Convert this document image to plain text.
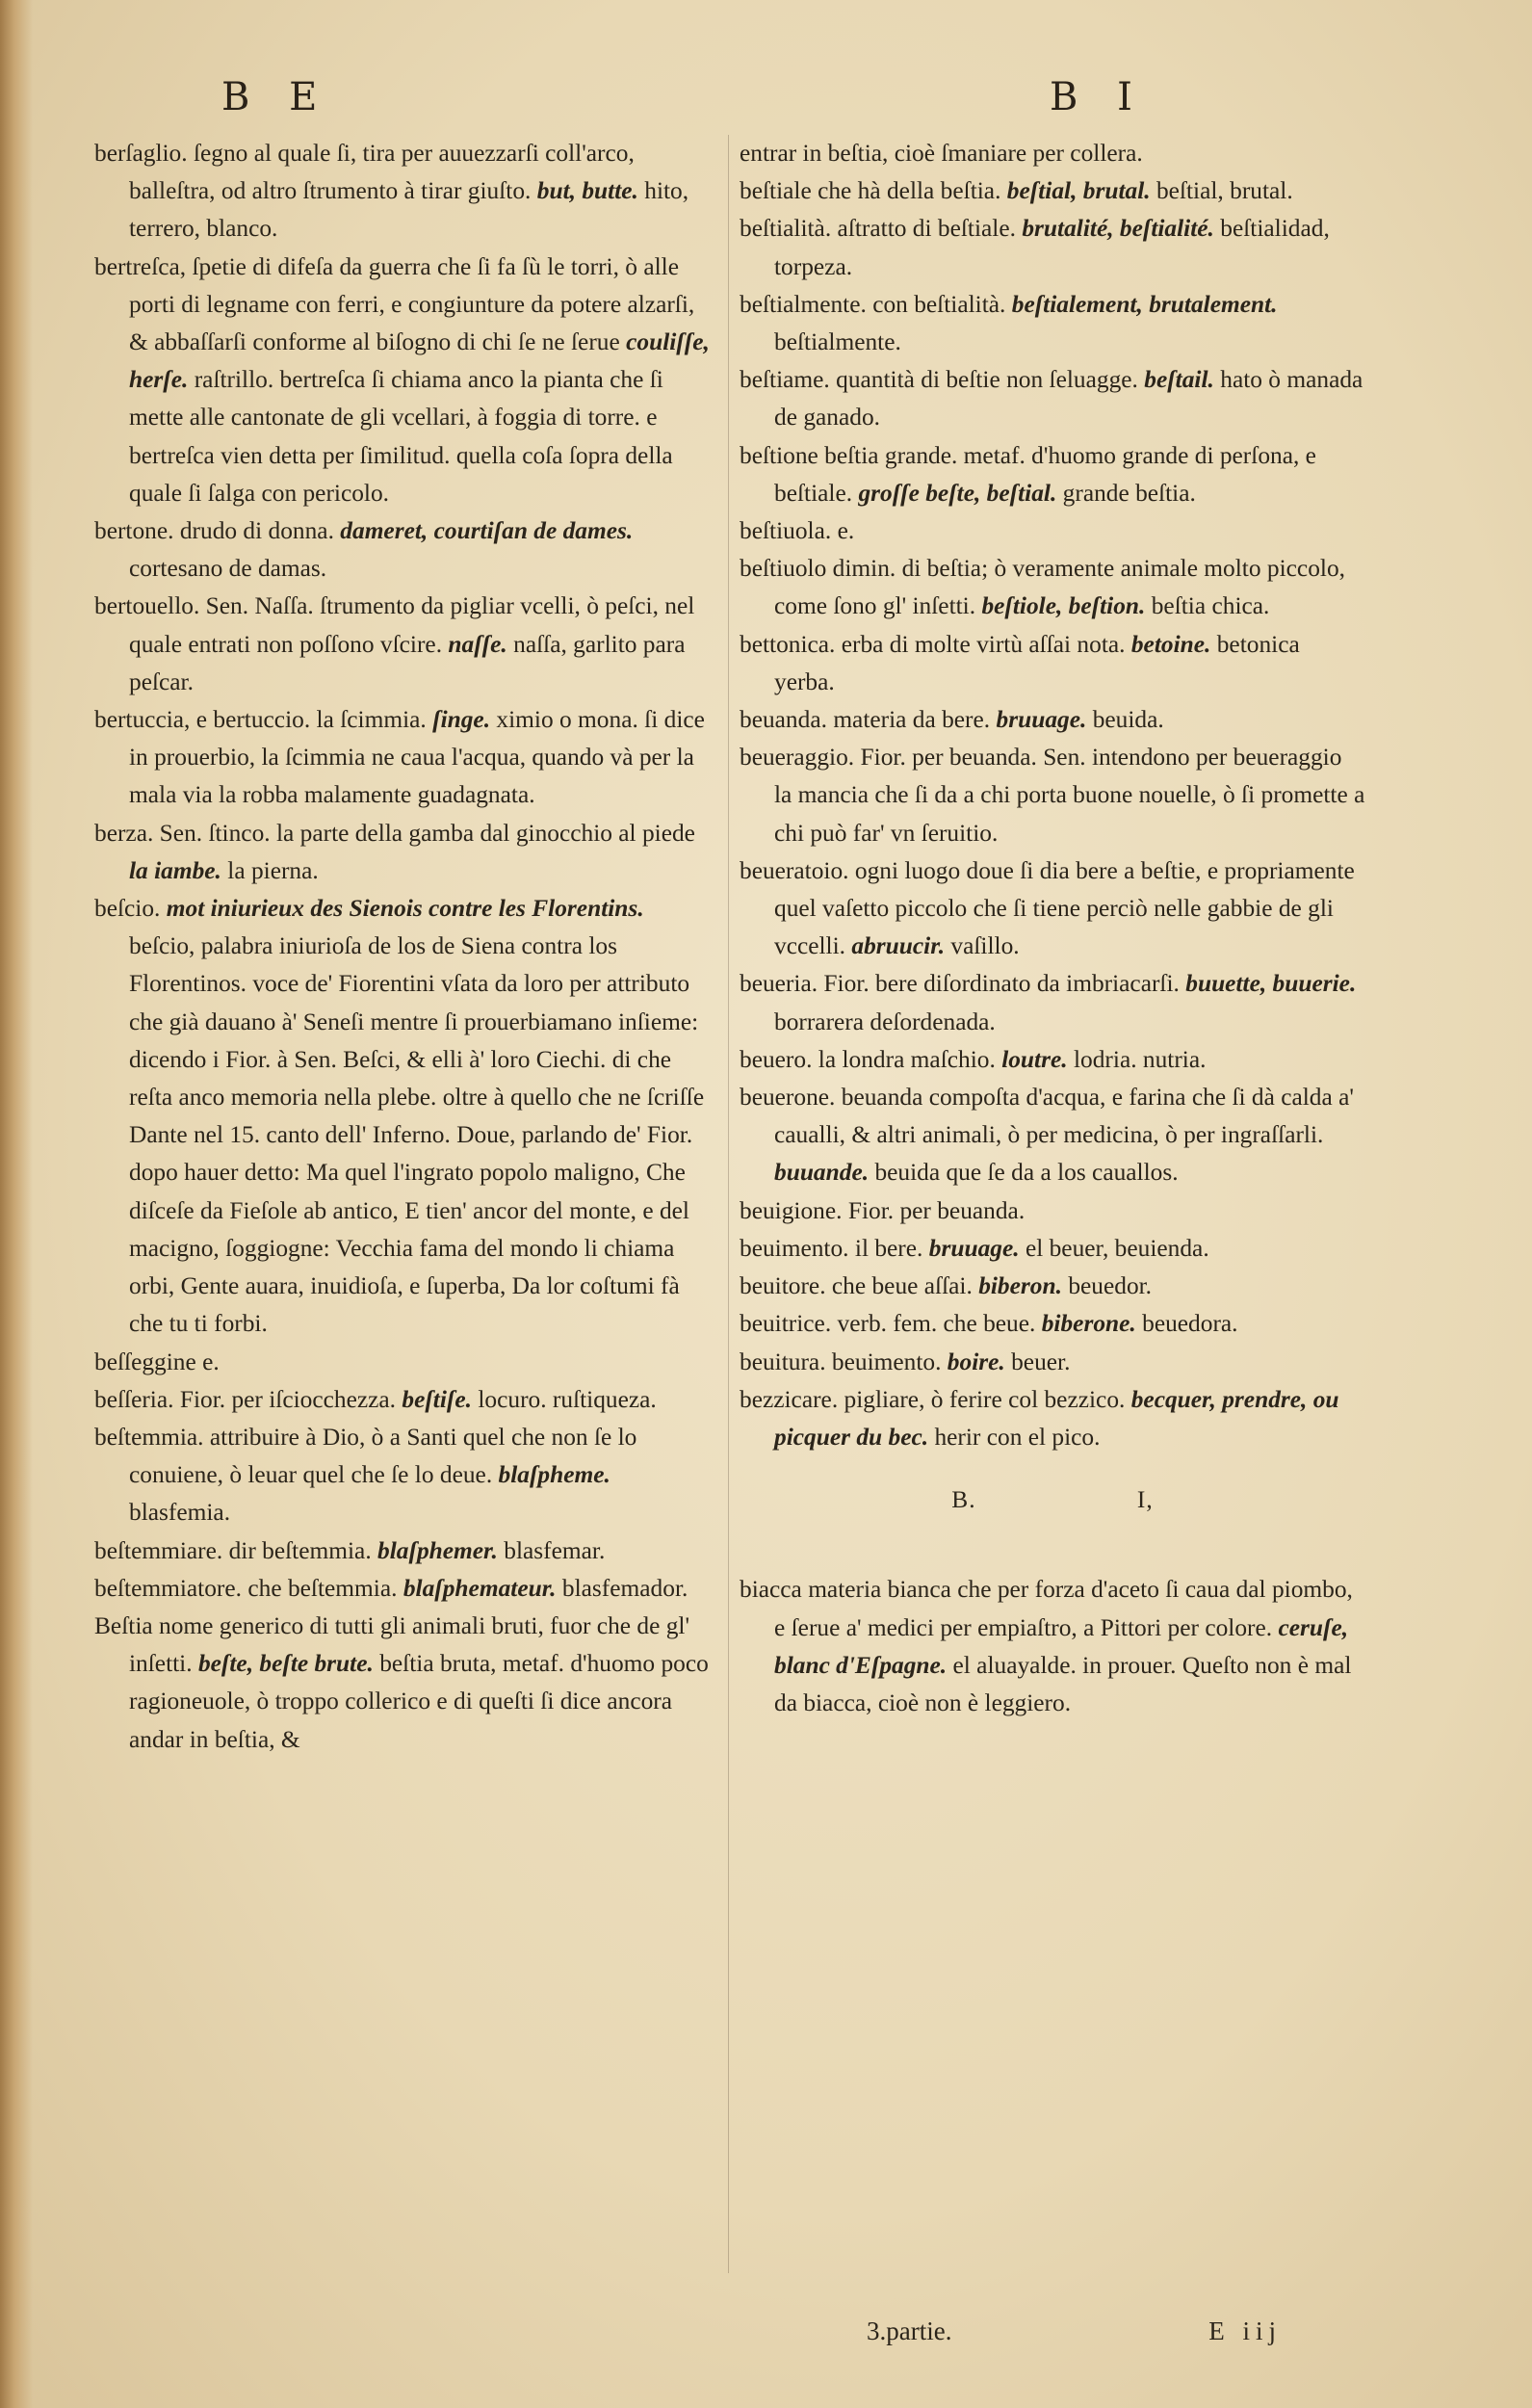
B E	B I

berſaglio. ſegno al quale ſi, tira per auuezzarſi coll'arco, balleſtra, od altro ſtrumento à tirar giuſto. but, butte. hito, terrero, blanco.

bertreſca, ſpetie di difeſa da guerra che ſi fa ſù le torri, ò alle porti di legname con ferri, e congiunture da potere alzarſi, & abbaſſarſi conforme al biſogno di chi ſe ne ſerue couliſſe, herſe. raſtrillo. bertreſca ſi chiama anco la pianta che ſi mette alle cantonate de gli vcellari, à foggia di torre. e bertreſca vien detta per ſimilitud. quella coſa ſopra della quale ſi ſalga con pericolo.

bertone. drudo di donna. dameret, courtiſan de dames. cortesano de damas.

bertouello. Sen. Naſſa. ſtrumento da pigliar vcelli, ò peſci, nel quale entrati non poſſono vſcire. naſſe. naſſa, garlito para peſcar.

bertuccia, e bertuccio. la ſcimmia. ſinge. ximio o mona. ſi dice in prouerbio, la ſcimmia ne caua l'acqua, quando và per la mala via la robba malamente guadagnata.

berza. Sen. ſtinco. la parte della gamba dal ginocchio al piede la iambe. la pierna.

beſcio. mot iniurieux des Sienois contre les Florentins. beſcio, palabra iniurioſa de los de Siena contra los Florentinos. voce de' Fiorentini vſata da loro per attributo che già dauano à' Seneſi mentre ſi prouerbiamano inſieme: dicendo i Fior. à Sen. Beſci, & elli à' loro Ciechi. di che reſta anco memoria nella plebe. oltre à quello che ne ſcriſſe Dante nel 15. canto dell' Inferno. Doue, parlando de' Fior. dopo hauer detto: Ma quel l'ingrato popolo maligno, Che diſceſe da Fieſole ab antico, E tien' ancor del monte, e del macigno, ſoggiogne: Vecchia fama del mondo li chiama orbi, Gente auara, inuidioſa, e ſuperba, Da lor coſtumi fà che tu ti forbi.

beſſeggine e.

beſſeria. Fior. per iſciocchezza. beſtiſe. locuro. ruſtiqueza.

beſtemmia. attribuire à Dio, ò a Santi quel che non ſe lo conuiene, ò leuar quel che ſe lo deue. blaſpheme. blasfemia.

beſtemmiare. dir beſtemmia. blaſphemer. blasfemar.

beſtemmiatore. che beſtemmia. blaſphemateur. blasfemador.

Beſtia nome generico di tutti gli animali bruti, fuor che de gl' inſetti. beſte, beſte brute. beſtia bruta, metaf. d'huomo poco ragioneuole, ò troppo collerico e di queſti ſi dice ancora andar in beſtia, &

entrar in beſtia, cioè ſmaniare per collera.

beſtiale che hà della beſtia. beſtial, brutal. beſtial, brutal.

beſtialità. aſtratto di beſtiale. brutalité, beſtialité. beſtialidad, torpeza.

beſtialmente. con beſtialità. beſtialement, brutalement. beſtialmente.

beſtiame. quantità di beſtie non ſeluagge. beſtail. hato ò manada de ganado.

beſtione beſtia grande. metaf. d'huomo grande di perſona, e beſtiale. groſſe beſte, beſtial. grande beſtia.

beſtiuola. e.

beſtiuolo dimin. di beſtia; ò veramente animale molto piccolo, come ſono gl' inſetti. beſtiole, beſtion. beſtia chica.

bettonica. erba di molte virtù aſſai nota. betoine. betonica yerba.

beuanda. materia da bere. bruuage. beuida.

beueraggio. Fior. per beuanda. Sen. intendono per beueraggio la mancia che ſi da a chi porta buone nouelle, ò ſi promette a chi può far' vn ſeruitio.

beueratoio. ogni luogo doue ſi dia bere a beſtie, e propriamente quel vaſetto piccolo che ſi tiene perciò nelle gabbie de gli vccelli. abruucir. vaſillo.

beueria. Fior. bere diſordinato da imbriacarſi. buuette, buuerie. borrarera deſordenada.

beuero. la londra maſchio. loutre. lodria. nutria.

beuerone. beuanda compoſta d'acqua, e farina che ſi dà calda a' caualli, & altri animali, ò per medicina, ò per ingraſſarli. buuande. beuida que ſe da a los cauallos.

beuigione. Fior. per beuanda.

beuimento. il bere. bruuage. el beuer, beuienda.

beuitore. che beue aſſai. biberon. beuedor.

beuitrice. verb. fem. che beue. biberone. beuedora.

beuitura. beuimento. boire. beuer.

bezzicare. pigliare, ò ferire col bezzico. becquer, prendre, ou picquer du bec. herir con el pico.

B. I,

biacca materia bianca che per forza d'aceto ſi caua dal piombo, e ſerue a' medici per empiaſtro, a Pittori per colore. ceruſe, blanc d'Eſpagne. el aluayalde. in prouer. Queſto non è mal da biacca, cioè non è leggiero.

3.partie.	E iij
